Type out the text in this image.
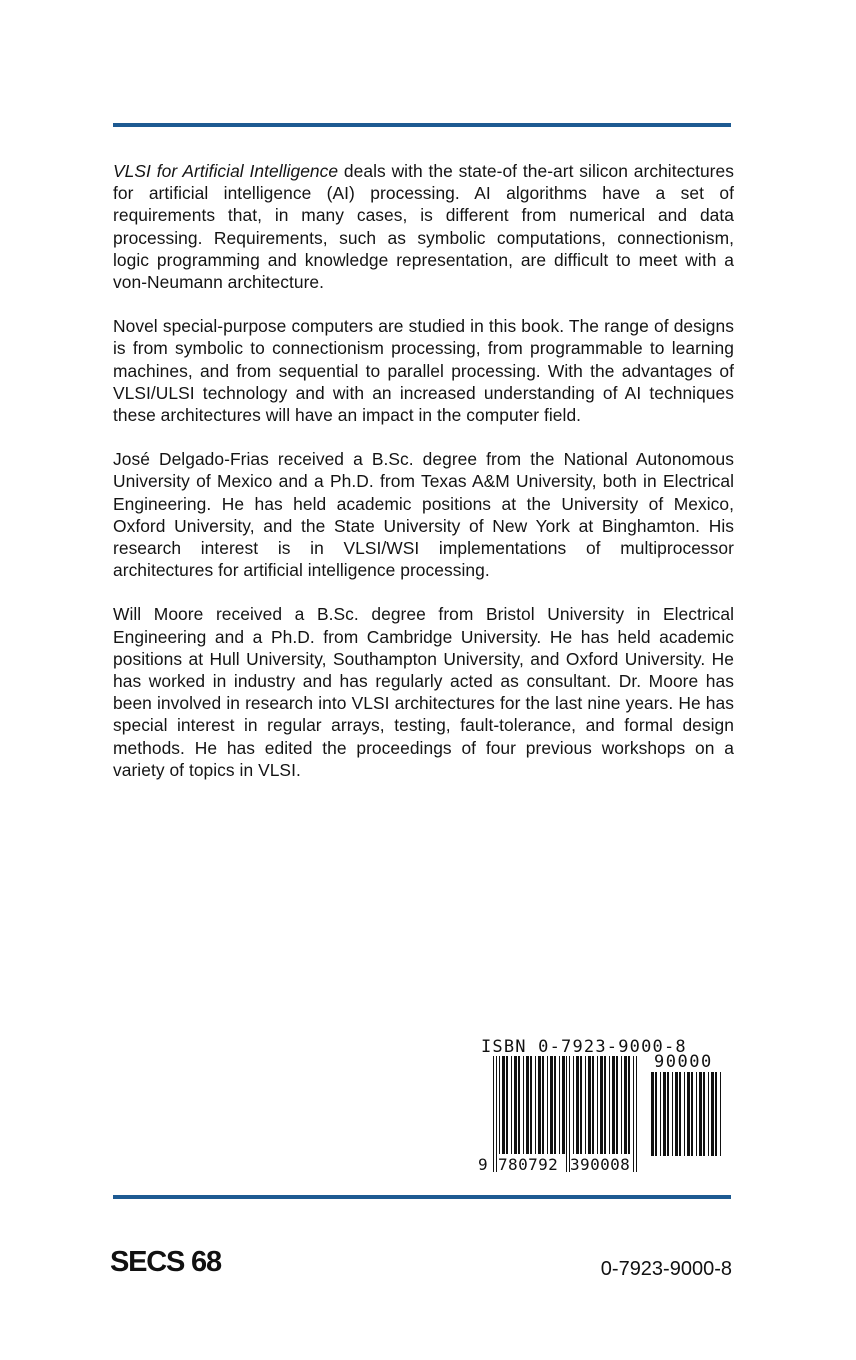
VLSI for Artificial Intelligence deals with the state-of the-art silicon architectures for artificial intelligence (AI) processing. AI algorithms have a set of requirements that, in many cases, is different from numerical and data processing. Requirements, such as symbolic computations, connectionism, logic programming and knowledge representation, are difficult to meet with a von-Neumann architecture.

Novel special-purpose computers are studied in this book. The range of designs is from symbolic to connectionism processing, from programmable to learning machines, and from sequential to parallel processing. With the advantages of VLSI/ULSI technology and with an increased understanding of AI techniques these architectures will have an impact in the computer field.

José Delgado-Frias received a B.Sc. degree from the National Autonomous University of Mexico and a Ph.D. from Texas A&M University, both in Electrical Engineering. He has held academic positions at the University of Mexico, Oxford University, and the State University of New York at Binghamton. His research interest is in VLSI/WSI implementations of multiprocessor architectures for artificial intelligence processing.

Will Moore received a B.Sc. degree from Bristol University in Electrical Engineering and a Ph.D. from Cambridge University. He has held academic positions at Hull University, Southampton University, and Oxford University. He has worked in industry and has regularly acted as consultant. Dr. Moore has been involved in research into VLSI architectures for the last nine years. He has special interest in regular arrays, testing, fault-tolerance, and formal design methods. He has edited the proceedings of four previous workshops on a variety of topics in VLSI.

ISBN 0-7923-9000-8
90000
9 780792 390008
SECS 68	0-7923-9000-8
